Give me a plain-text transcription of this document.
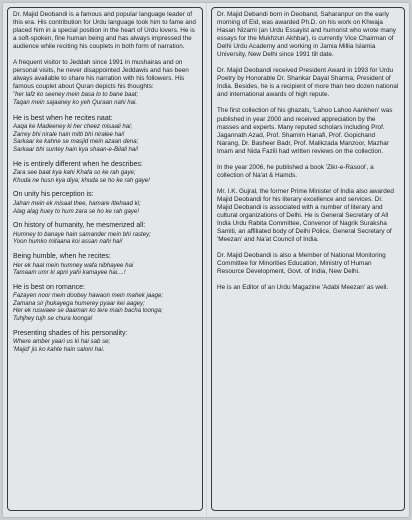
Dr. Majid Deobandi is a famous and popular language leader of this era. His contribution for Urdu language took him to fame and placed him in a special position in the heart of Urdu lovers. He is a soft-spoken, fine human being and has always impressed the audience while reciting his couplets in both form of narration.

A frequent visitor to Jeddah since 1991 in mushairas and on personal visits, he never disappointed Jeddawis and has been always available to share his narration with his followers. His famous couplet about Quran depicts his thoughts:

"her lafz ko seeney mein basa lo to bane baat;
Taqan mein sajaaney ko yeh Quraan nahi hai.

He is best when he recites naat:

Aaqa ke Madeeney ki her cheez misaali hai;
Zarrey bhi nirale hain mitti bhi niralee hai!
Sarkaar ke kahne se masjid mein azaan dena;
Sarkaar bhi suntey hain kya shaan-e-Bilali hai!

He is entirely different when he describes:

Zara see baat kya kahi Khafa so ke rah gaye;
Khuda ne husn kya diya; khuda se ho ke rah gaye!

On unity his perception is:

Jahan mein ek misaal thee, hamare ittehaad ki;
Alag alag huey to hum zara se ho ke rah gaye!

On history of humanity, he mesmerized all:

Humney to banaye hain samander mein bhi rastey;
Yoon humko mitaana koi assan nahi hai!

Being humble, when he recites:

Her ek haal mein humney wafa nibhayee hai
Tamaam umr ki apni yahi kamayee hai....!

He is best on romance:

Fazayen noor mein doobey hawaon mein mahek jaage;
Zamana sir jhukayega humerey pyaar kei aagey;
Her ek ruswaee se daaman ko tere main bacha loonga;
Tuhjhey tujh se chura loonga!

Presenting shades of his personality:

Where amber yaari us ki hai sab se;
'Majid' jis ko kahte hain saloni hai.

Dr. Majid Debandi born in Deoband, Saharanpur on the early morning of Eid, was awarded Ph.D. on his work on Khwaja Hasan Nizami (an Urdu Essayist and humorist who wrote many essays for the Mukhzun Akhbar), is currently Vice Chairman of Delhi Urdu Academy and working in Jamia Millia Islamia University, New Delhi since 1991 till date.

Dr. Majid Deobandi received President Award in 1993 for Urdu Poetry by Honorable Dr. Shankar Dayal Sharma, President of India. Besides, he is a recipient of more than two dozen national and international awards of high repute.

The first collection of his ghazals, 'Lahoo Lahoo Aankhen' was published in year 2000 and received appreciation by the masses and experts. Many reputed scholars including Prof. Jagannath Azad, Prof. Shamim Hanafi, Prof. Gopichand Narang, Dr. Basheer Badr, Prof. Malikzada Manzoor, Mazhar Imam and Nida Fazili had written reviews on the collection.

In the year 2006, he published a book 'Zikr-e-Rasool', a collection of Na'at & Hamds.

Mr. I.K. Gujral, the former Prime Minister of India also awarded Majid Deobandi for his literary excellence and services. Dr. Majid Deobandi is associated with a number of literary and cultural organizations of Delhi. He is General Secretary of All India Urdu Rabita Committee, Convenor of Nagrik Suraksha Samiti, an affiliated body of Delhi Police, General Secretary of 'Meezan' and Na'at Council of India.

Dr. Majid Deobandi is also a Member of National Monitoring Committee for Minorities Education, Ministry of Human Resource Development, Govt. of India, New Delhi.

He is an Editor of an Urdu Magazine 'Adabi Meezan' as well.
